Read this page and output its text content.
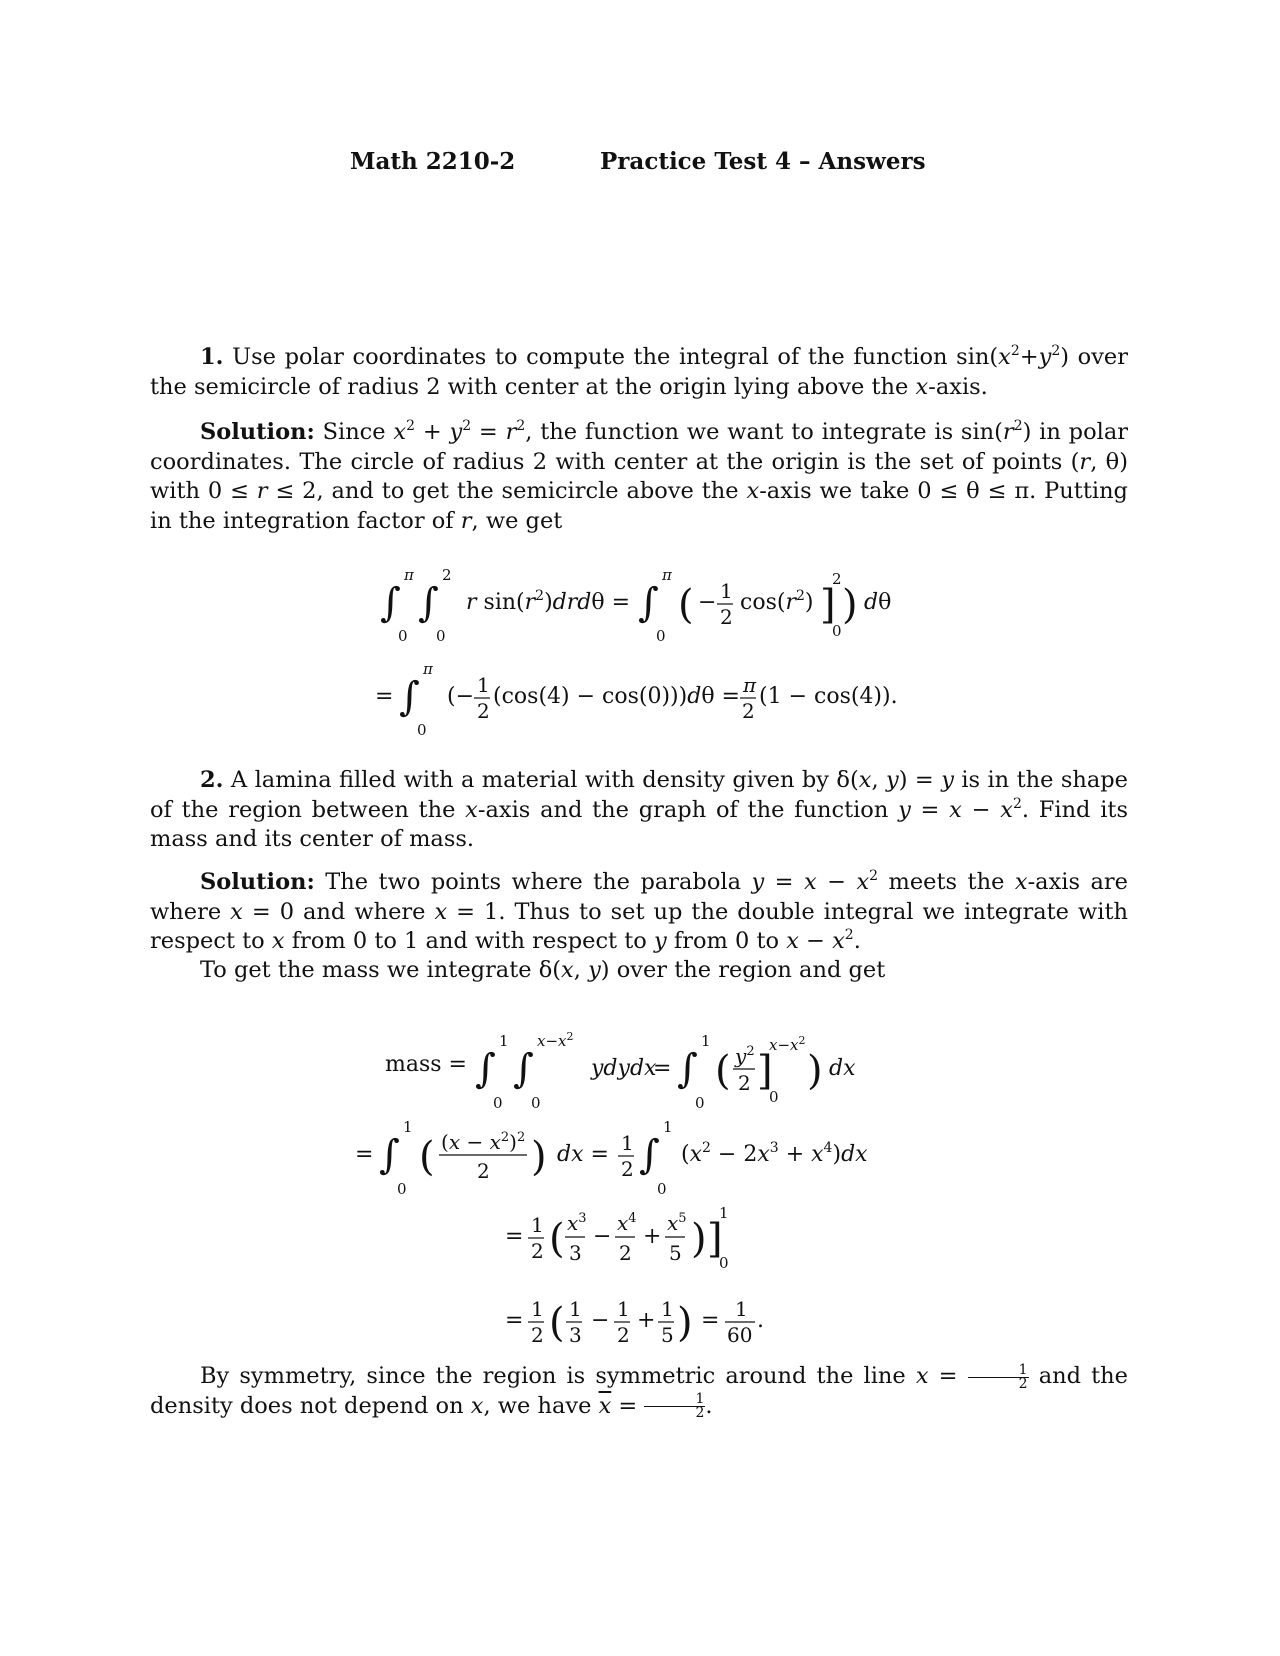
Math 2210-2	Practice Test 4 – Answers
1. Use polar coordinates to compute the integral of the function $\sin(x^2+y^2)$ over the semicircle of radius 2 with center at the origin lying above the x-axis.
Solution: Since $x^2 + y^2 = r^2$, the function we want to integrate is $\sin(r^2)$ in polar coordinates. The circle of radius 2 with center at the origin is the set of points (r, θ) with 0 ≤ r ≤ 2, and to get the semicircle above the x-axis we take 0 ≤ θ ≤ π. Putting in the integration factor of r, we get
∫
π
0
∫
2
0
r $\sin(r^2)drd\theta$ = ∫
π
0
( − 1
2
$\cos(r^2)$ ]
2
0
) dθ
= ∫
π
0
(− 1
2
(cos(4) − cos(0)))dθ = π
2
(1 − cos(4)).
2. A lamina filled with a material with density given by δ(x, y) = y is in the shape of the region between the x-axis and the graph of the function $y = x - x^2$. Find its mass and its center of mass.
Solution: The two points where the parabola $y = x - x^2$ meets the x-axis are where x = 0 and where x = 1. Thus to set up the double integral we integrate with respect to x from 0 to 1 and with respect to y from 0 to $x - x^2$.
To get the mass we integrate δ(x, y) over the region and get
mass = ∫
1
0
∫
$x-x^2$
0
ydydx
= ∫
1
0
( $y^2$
2 ]
$x-x^2$
0
) dx
= ∫
1
0
( $(x - x^2)^2$
2 ) dx = 1
2 ∫
1
0
$(x^2 - 2x^3 + x^4)dx$
= 1
2 ( $x^3$
3
−
$x^4$
2
+
$x^5$
5 ) ]
1
0
= 1
2 ( 1
3
− 1
2
+ 1
5 ) = 1
60
.
By symmetry, since the region is symmetric around the line $x = \frac{1}{2}$ and the density does not depend on x, we have $\overline{x} = \frac{1}{2}$ .
